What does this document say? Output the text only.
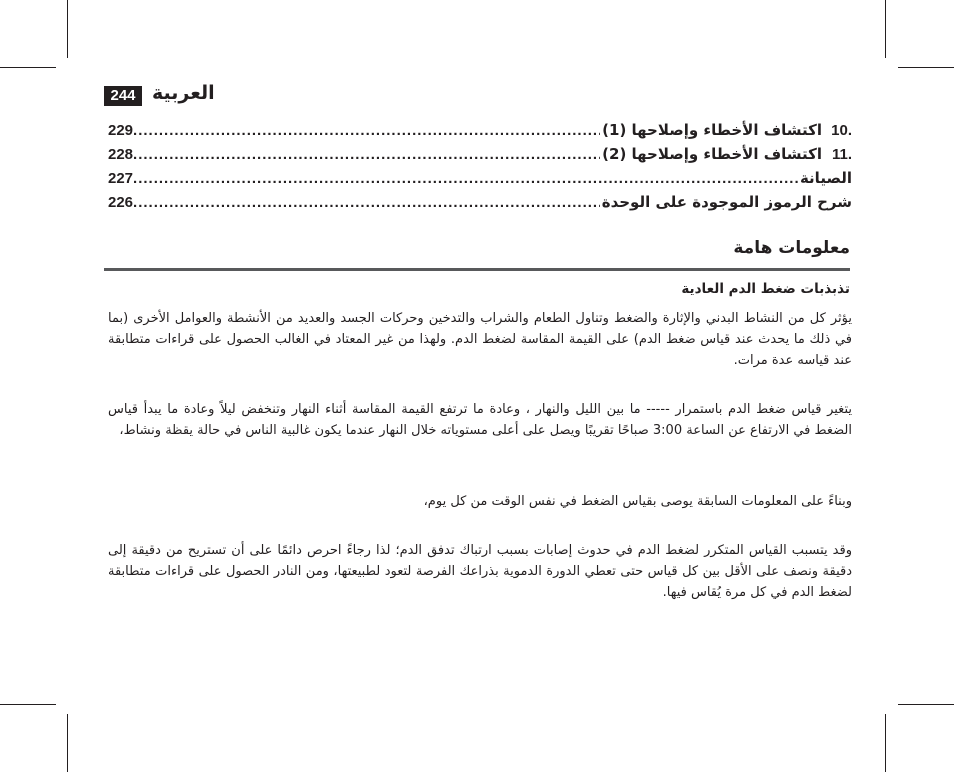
244 العربية
.10
اكتشاف الأخطاء وإصلاحها (1)
.....
229
.11
اكتشاف الأخطاء وإصلاحها (2)
.....
228
الصيانة
.....
227
شرح الرموز الموجودة على الوحدة
.....
226
معلومات هامة
تذبذبات ضغط الدم العادية

يؤثر كل من النشاط البدني والإثارة والضغط وتناول الطعام والشراب والتدخين وحركات الجسد والعديد من الأنشطة والعوامل الأخرى (بما في ذلك ما يحدث عند قياس ضغط الدم) على القيمة المقاسة لضغط الدم. ولهذا من غير المعتاد في الغالب الحصول على قراءات متطابقة عند قياسه عدة مرات.

يتغير قياس ضغط الدم باستمرار ----- ما بين الليل والنهار ، وعادة ما ترتفع القيمة المقاسة أثناء النهار وتنخفض ليلاً وعادة ما يبدأ قياس الضغط في الارتفاع عن الساعة 3:00 صباحًا تقريبًا ويصل على أعلى مستوياته خلال النهار عندما يكون غالبية الناس في حالة يقظة ونشاط،

وبناءً على المعلومات السابقة يوصى بقياس الضغط في نفس الوقت من كل يوم،

وقد يتسبب القياس المتكرر لضغط الدم في حدوث إصابات بسبب ارتباك تدفق الدم؛ لذا رجاءً احرص دائمًا على أن تستريح من دقيقة إلى دقيقة ونصف على الأقل بين كل قياس حتى تعطي الدورة الدموية بذراعك الفرصة لتعود لطبيعتها، ومن النادر الحصول على قراءات متطابقة لضغط الدم في كل مرة يُقاس فيها.
